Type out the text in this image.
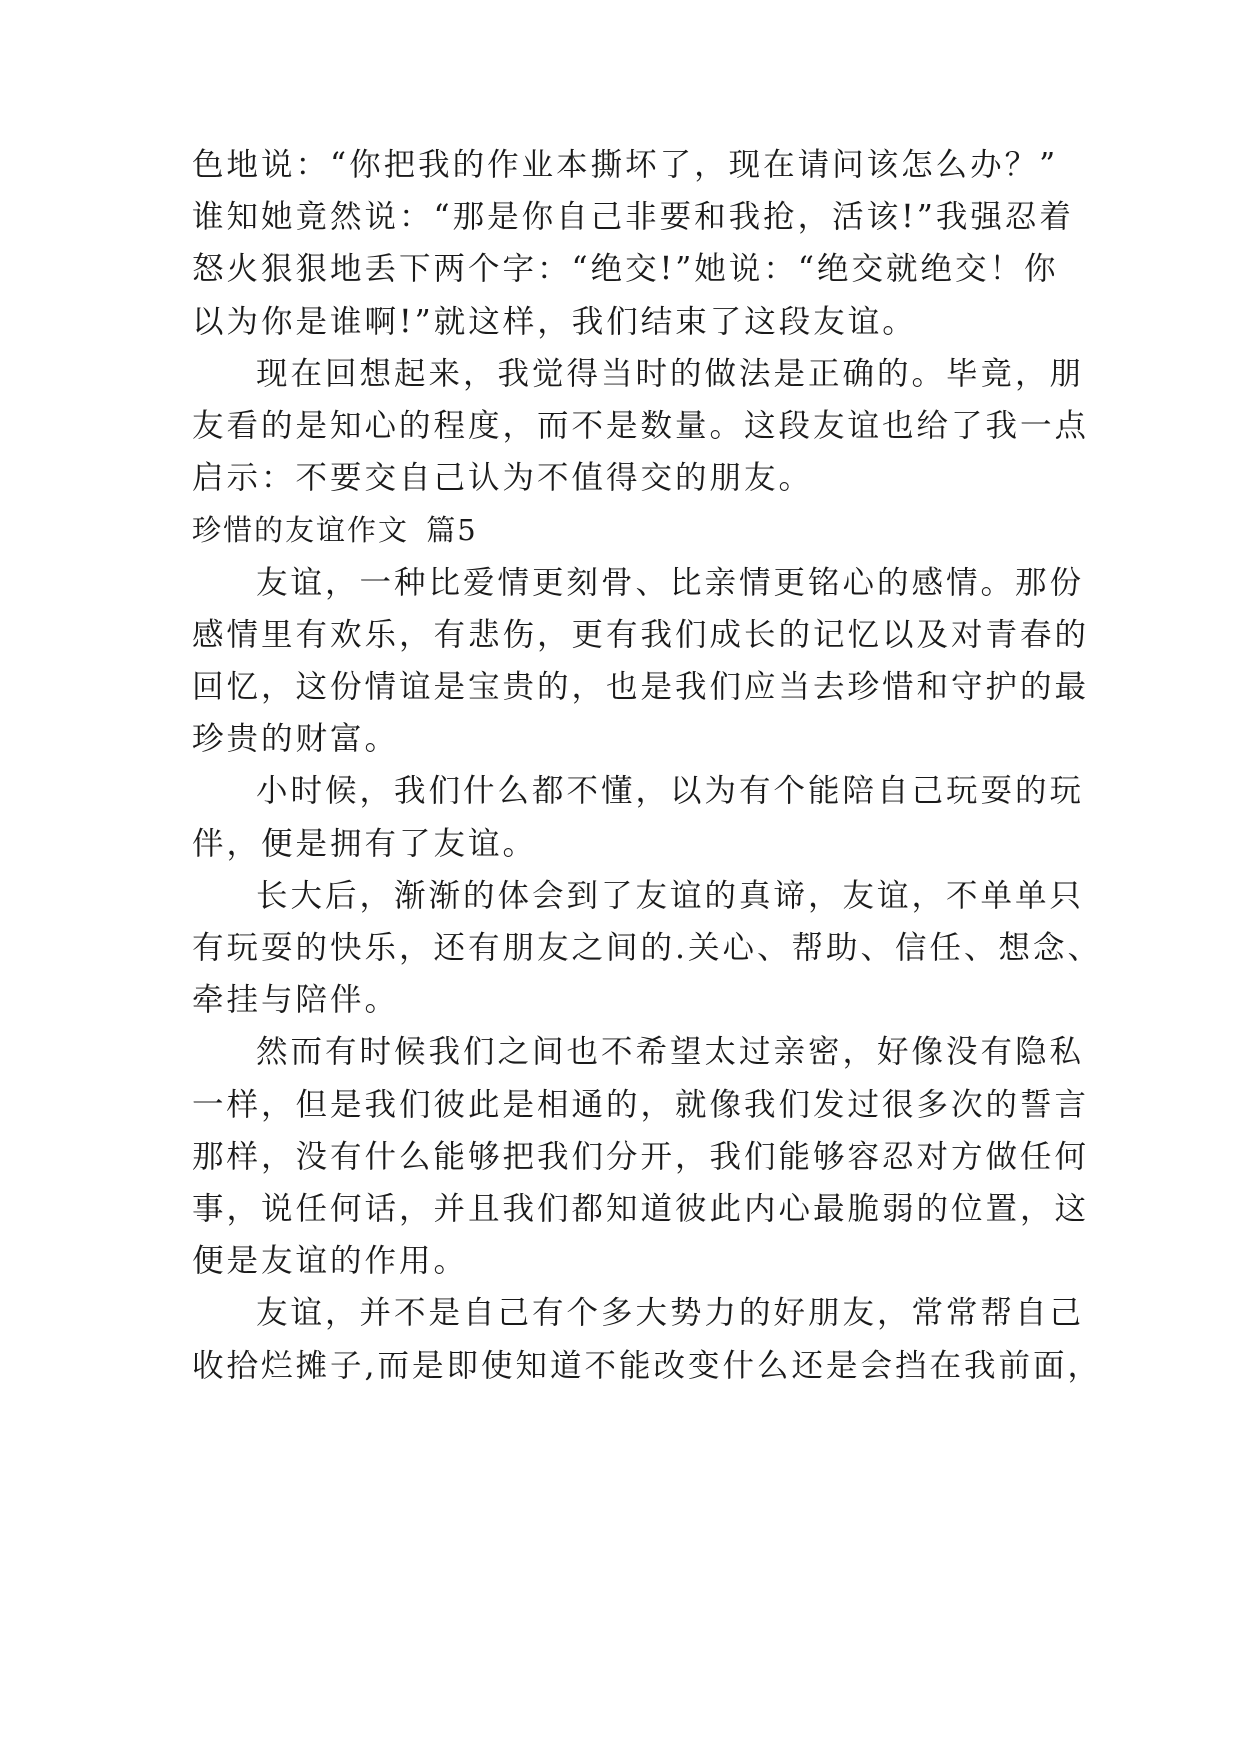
色地说：“你把我的作业本撕坏了，现在请问该怎么办？”
谁知她竟然说：“那是你自己非要和我抢，活该!”我强忍着
怒火狠狠地丢下两个字：“绝交!”她说：“绝交就绝交！你
以为你是谁啊!”就这样，我们结束了这段友谊。
现在回想起来，我觉得当时的做法是正确的。毕竟，朋
友看的是知心的程度，而不是数量。这段友谊也给了我一点
启示：不要交自己认为不值得交的朋友。
珍惜的友谊作文 篇5
友谊，一种比爱情更刻骨、比亲情更铭心的感情。那份
感情里有欢乐，有悲伤，更有我们成长的记忆以及对青春的
回忆，这份情谊是宝贵的，也是我们应当去珍惜和守护的最
珍贵的财富。
小时候，我们什么都不懂，以为有个能陪自己玩耍的玩
伴，便是拥有了友谊。
长大后，渐渐的体会到了友谊的真谛，友谊，不单单只
有玩耍的快乐，还有朋友之间的.关心、帮助、信任、想念、
牵挂与陪伴。
然而有时候我们之间也不希望太过亲密，好像没有隐私
一样，但是我们彼此是相通的，就像我们发过很多次的誓言
那样，没有什么能够把我们分开，我们能够容忍对方做任何
事，说任何话，并且我们都知道彼此内心最脆弱的位置，这
便是友谊的作用。
友谊，并不是自己有个多大势力的好朋友，常常帮自己
收拾烂摊子,而是即使知道不能改变什么还是会挡在我前面，
